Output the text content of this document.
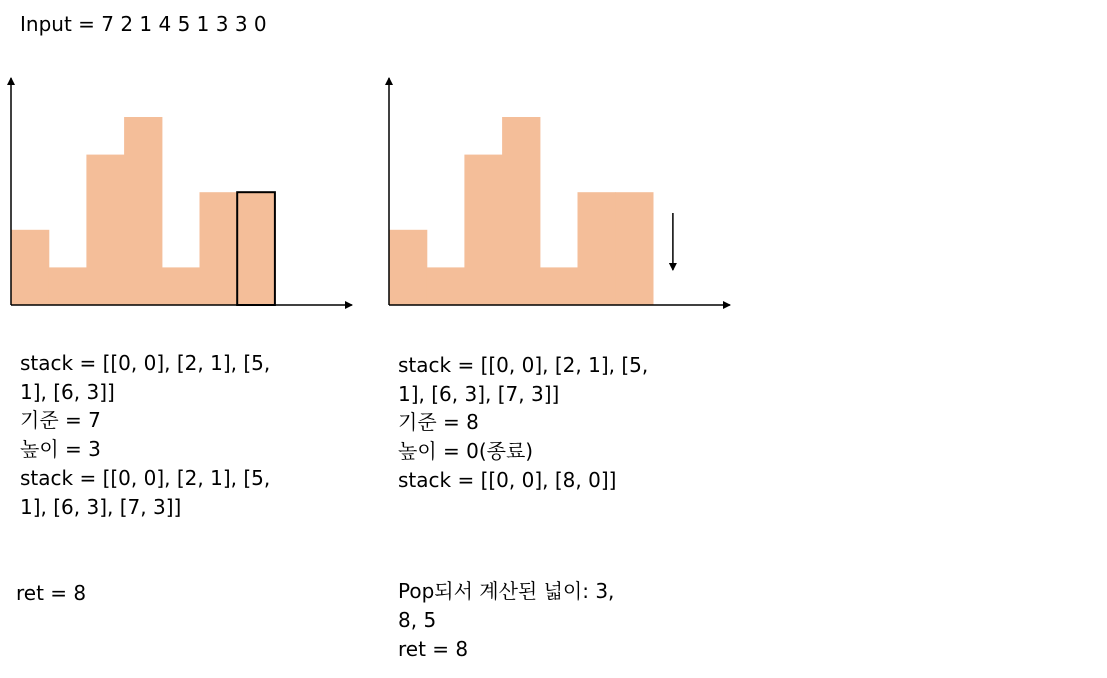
Input = 7 2 1 4 5 1 3 3 0
stack = [[0, 0], [2, 1], [5,
1], [6, 3]]
기준 = 7
높이 = 3
stack = [[0, 0], [2, 1], [5,
1], [6, 3], [7, 3]]
ret = 8
stack = [[0, 0], [2, 1], [5,
1], [6, 3], [7, 3]]
기준 = 8
높이 = 0(종료)
stack = [[0, 0], [8, 0]]
Pop되서 계산된 넓이: 3,
8, 5
ret = 8
